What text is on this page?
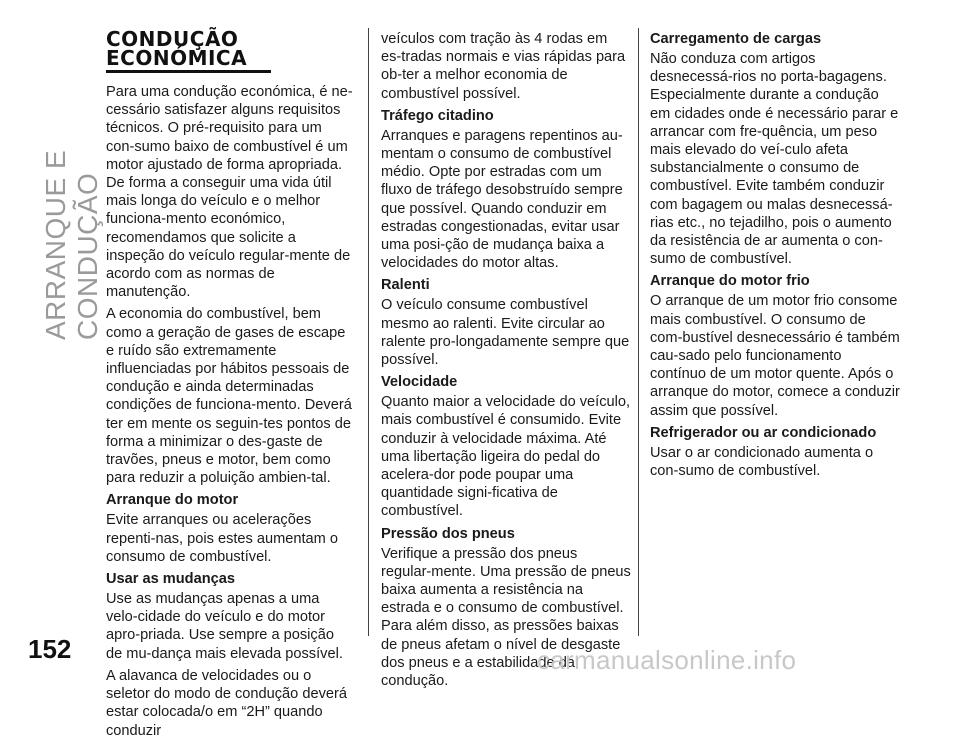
ARRANQUE E CONDUÇÃO
CONDUÇÃO
ECONÓMICA

Para uma condução económica, é ne-cessário satisfazer alguns requisitos técnicos. O pré-requisito para um con-sumo baixo de combustível é um motor ajustado de forma apropriada. De forma a conseguir uma vida útil mais longa do veículo e o melhor funciona-mento económico, recomendamos que solicite a inspeção do veículo regular-mente de acordo com as normas de manutenção.

A economia do combustível, bem como a geração de gases de escape e ruído são extremamente influenciadas por hábitos pessoais de condução e ainda determinadas condições de funciona-mento. Deverá ter em mente os seguin-tes pontos de forma a minimizar o des-gaste de travões, pneus e motor, bem como para reduzir a poluição ambien-tal.

Arranque do motor

Evite arranques ou acelerações repenti-nas, pois estes aumentam o consumo de combustível.

Usar as mudanças

Use as mudanças apenas a uma velo-cidade do veículo e do motor apro-priada. Use sempre a posição de mu-dança mais elevada possível.

A alavanca de velocidades ou o seletor do modo de condução deverá estar colocada/o em “2H” quando conduzir

veículos com tração às 4 rodas em es-tradas normais e vias rápidas para ob-ter a melhor economia de combustível possível.

Tráfego citadino

Arranques e paragens repentinos au-mentam o consumo de combustível médio. Opte por estradas com um fluxo de tráfego desobstruído sempre que possível. Quando conduzir em estradas congestionadas, evitar usar uma posi-ção de mudança baixa a velocidades do motor altas.

Ralenti

O veículo consume combustível mesmo ao ralenti. Evite circular ao ralente pro-longadamente sempre que possível.

Velocidade

Quanto maior a velocidade do veículo, mais combustível é consumido. Evite conduzir à velocidade máxima. Até uma libertação ligeira do pedal do acelera-dor pode poupar uma quantidade signi-ficativa de combustível.

Pressão dos pneus

Verifique a pressão dos pneus regular-mente. Uma pressão de pneus baixa aumenta a resistência na estrada e o consumo de combustível. Para além disso, as pressões baixas de pneus afetam o nível de desgaste dos pneus e a estabilidade da condução.

Carregamento de cargas

Não conduza com artigos desnecessá-rios no porta-bagagens. Especialmente durante a condução em cidades onde é necessário parar e arrancar com fre-quência, um peso mais elevado do veí-culo afeta substancialmente o consumo de combustível. Evite também conduzir com bagagem ou malas desnecessá-rias etc., no tejadilho, pois o aumento da resistência de ar aumenta o con-sumo de combustível.

Arranque do motor frio

O arranque de um motor frio consome mais combustível. O consumo de com-bustível desnecessário é também cau-sado pelo funcionamento contínuo de um motor quente. Após o arranque do motor, comece a conduzir assim que possível.

Refrigerador ou ar condicionado

Usar o ar condicionado aumenta o con-sumo de combustível.

152	carmanualsonline.info
